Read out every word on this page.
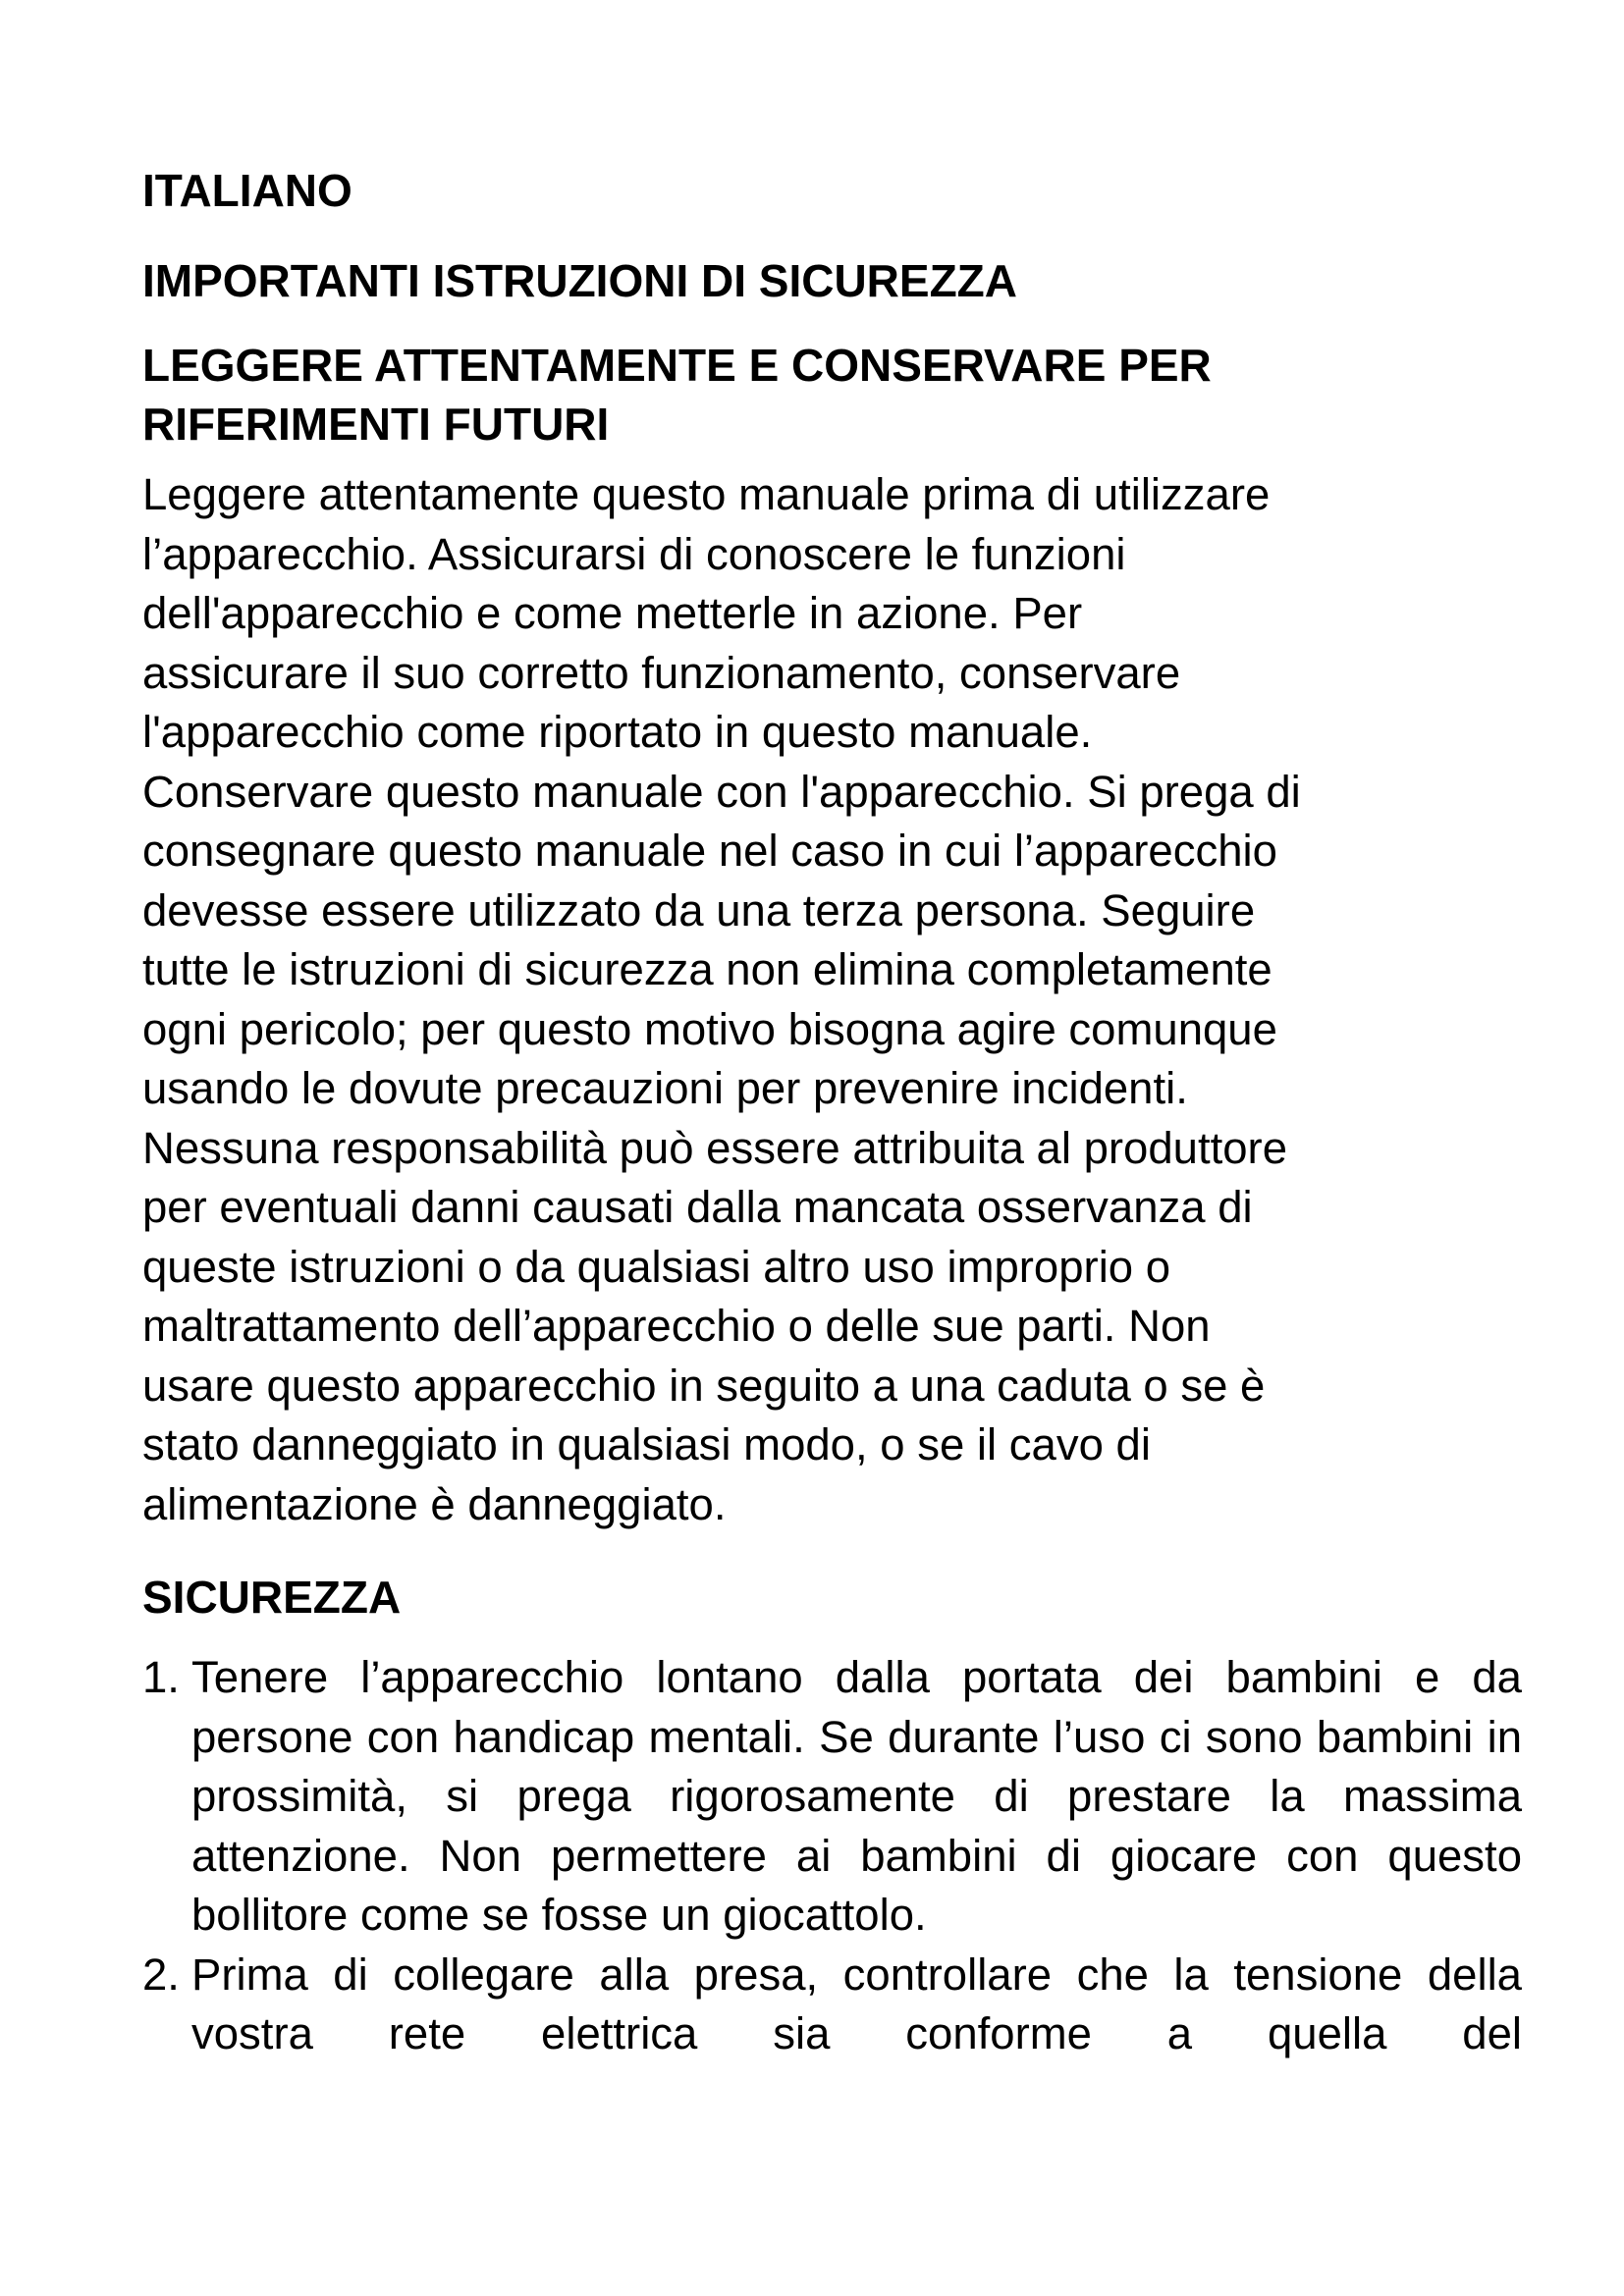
ITALIANO
IMPORTANTI ISTRUZIONI DI SICUREZZA
LEGGERE ATTENTAMENTE E CONSERVARE PER RIFERIMENTI FUTURI

Leggere attentamente questo manuale prima di utilizzare
l’apparecchio. Assicurarsi di conoscere le funzioni
dell'apparecchio e come metterle in azione. Per
assicurare il suo corretto funzionamento, conservare
l'apparecchio come riportato in questo manuale.
Conservare questo manuale con l'apparecchio. Si prega di
consegnare questo manuale nel caso in cui l’apparecchio
devesse essere utilizzato da una terza persona. Seguire
tutte le istruzioni di sicurezza non elimina completamente
ogni pericolo; per questo motivo bisogna agire comunque
usando le dovute precauzioni per prevenire incidenti.
Nessuna responsabilità può essere attribuita al produttore
per eventuali danni causati dalla mancata osservanza di
queste istruzioni o da qualsiasi altro uso improprio o
maltrattamento dell’apparecchio o delle sue parti. Non
usare questo apparecchio in seguito a una caduta o se è
stato danneggiato in qualsiasi modo, o se il cavo di
alimentazione è danneggiato.

SICUREZZA
1. Tenere l’apparecchio lontano dalla portata dei bambini e da persone con handicap mentali. Se durante l’uso ci sono bambini in prossimità, si prega rigorosamente di prestare la massima attenzione. Non permettere ai bambini di giocare con questo bollitore come se fosse un giocattolo.
2. Prima di collegare alla presa, controllare che la tensione della vostra rete elettrica sia conforme a quella del
